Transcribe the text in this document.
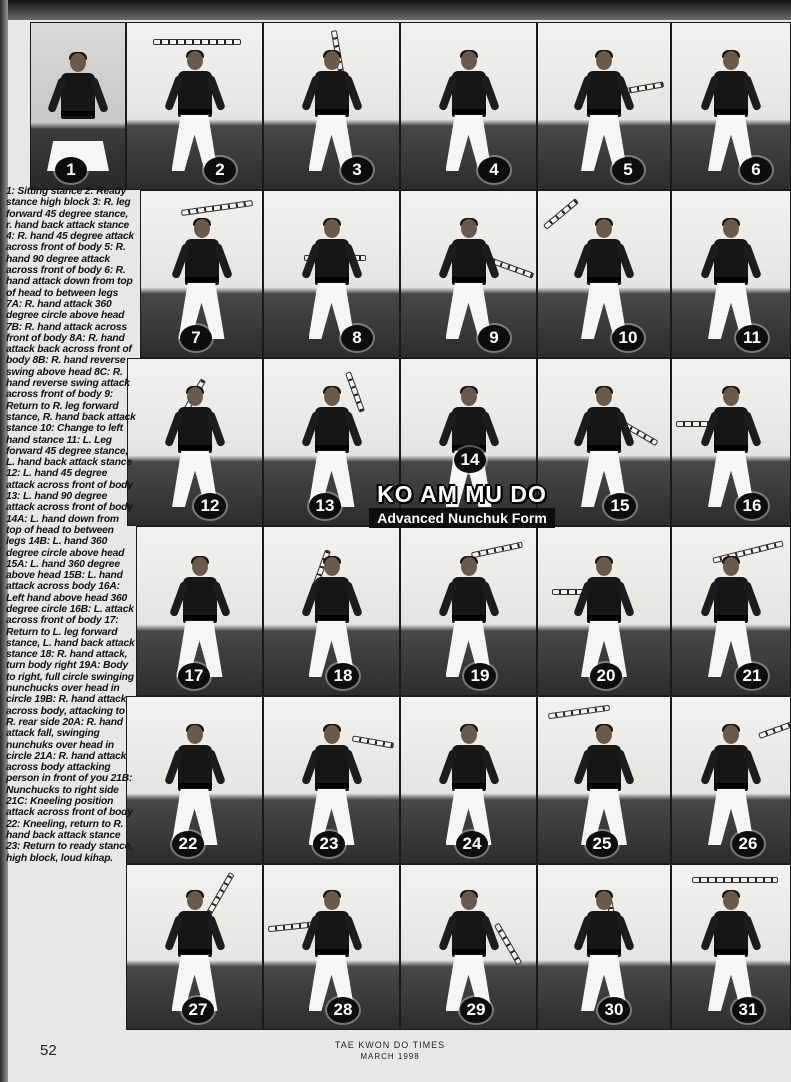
1	2	3	4	5	6
7	8	9	10	11
12	13
14
15	16
17	18	19	20	21
22	23	24	25	26
27	28	29	30	31
1: Sitting stance 2: Ready stance high block 3: R. leg forward 45 degree stance, r. hand back attack stance 4: R. hand 45 degree attack across front of body 5: R. hand 90 degree attack across front of body 6: R. hand attack down from top of head to between legs 7A: R. hand attack 360 degree circle above head 7B: R. hand attack across front of body 8A: R. hand attack back across front of body 8B: R. hand reverse swing above head 8C: R. hand reverse swing attack across front of body 9: Return to R. leg forward stance, R. hand back attack stance 10: Change to left hand stance 11: L. Leg forward 45 degree stance, L. hand back attack stance 12: L. hand 45 degree attack across front of body 13: L. hand 90 degree attack across front of body 14A: L. hand down from top of head to between legs 14B: L. hand 360 degree circle above head 15A: L. hand 360 degree above head 15B: L. hand attack across body 16A: Left hand above head 360 degree circle 16B: L. attack across front of body 17: Return to L. leg forward stance, L. hand back attack stance 18: R. hand attack, turn body right 19A: Body to right, full circle swinging nunchucks over head in circle 19B: R. hand attack across body, attacking to R. rear side 20A: R. hand attack fall, swinging nunchuks over head in circle 21A: R. hand attack across body attacking person in front of you 21B: Nunchucks to right side 21C: Kneeling position attack across front of body 22: Kneeling, return to R. hand back attack stance 23: Return to ready stance, high block, loud kihap.
KO AM MU DO
Advanced Nunchuk Form
52	TAE KWON DO TIMES
MARCH 1998
